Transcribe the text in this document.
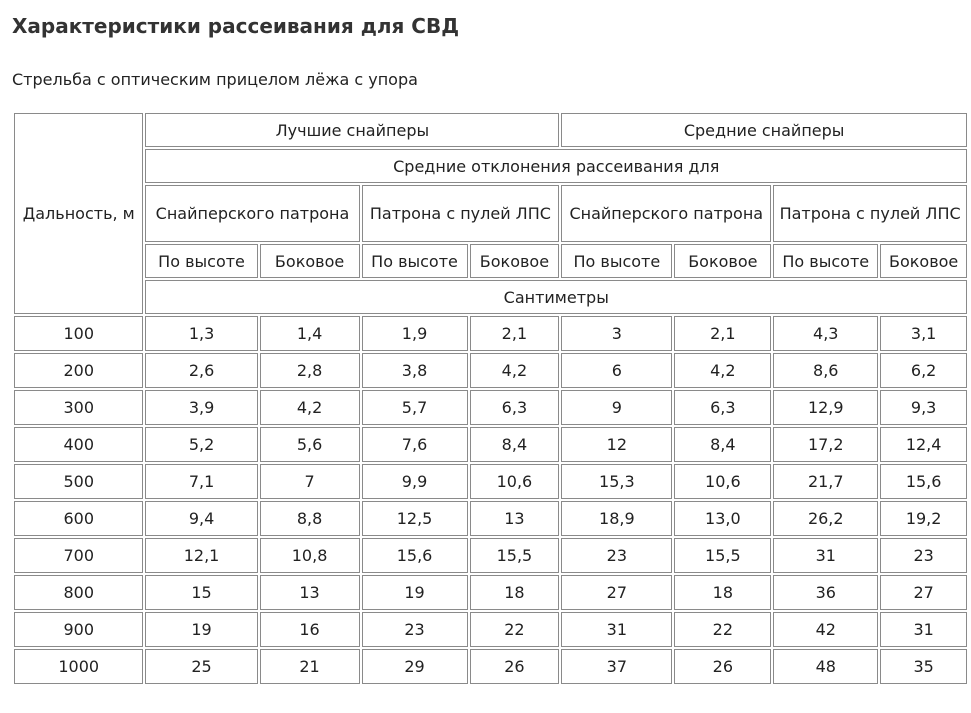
Характеристики рассеивания для СВД

Стрельба с оптическим прицелом лёжа с упора

Дальность, м	Лучшие снайперы				Средние снайперы			
	Средние отклонения рассеивания для							
	Снайперского патрона		Патрона с пулей ЛПС		Снайперского патрона		Патрона с пулей ЛПС	
	По высоте	Боковое	По высоте	Боковое	По высоте	Боковое	По высоте	Боковое
	Сантиметры							
100	1,3	1,4	1,9	2,1	3	2,1	4,3	3,1
200	2,6	2,8	3,8	4,2	6	4,2	8,6	6,2
300	3,9	4,2	5,7	6,3	9	6,3	12,9	9,3
400	5,2	5,6	7,6	8,4	12	8,4	17,2	12,4
500	7,1	7	9,9	10,6	15,3	10,6	21,7	15,6
600	9,4	8,8	12,5	13	18,9	13,0	26,2	19,2
700	12,1	10,8	15,6	15,5	23	15,5	31	23
800	15	13	19	18	27	18	36	27
900	19	16	23	22	31	22	42	31
1000	25	21	29	26	37	26	48	35
